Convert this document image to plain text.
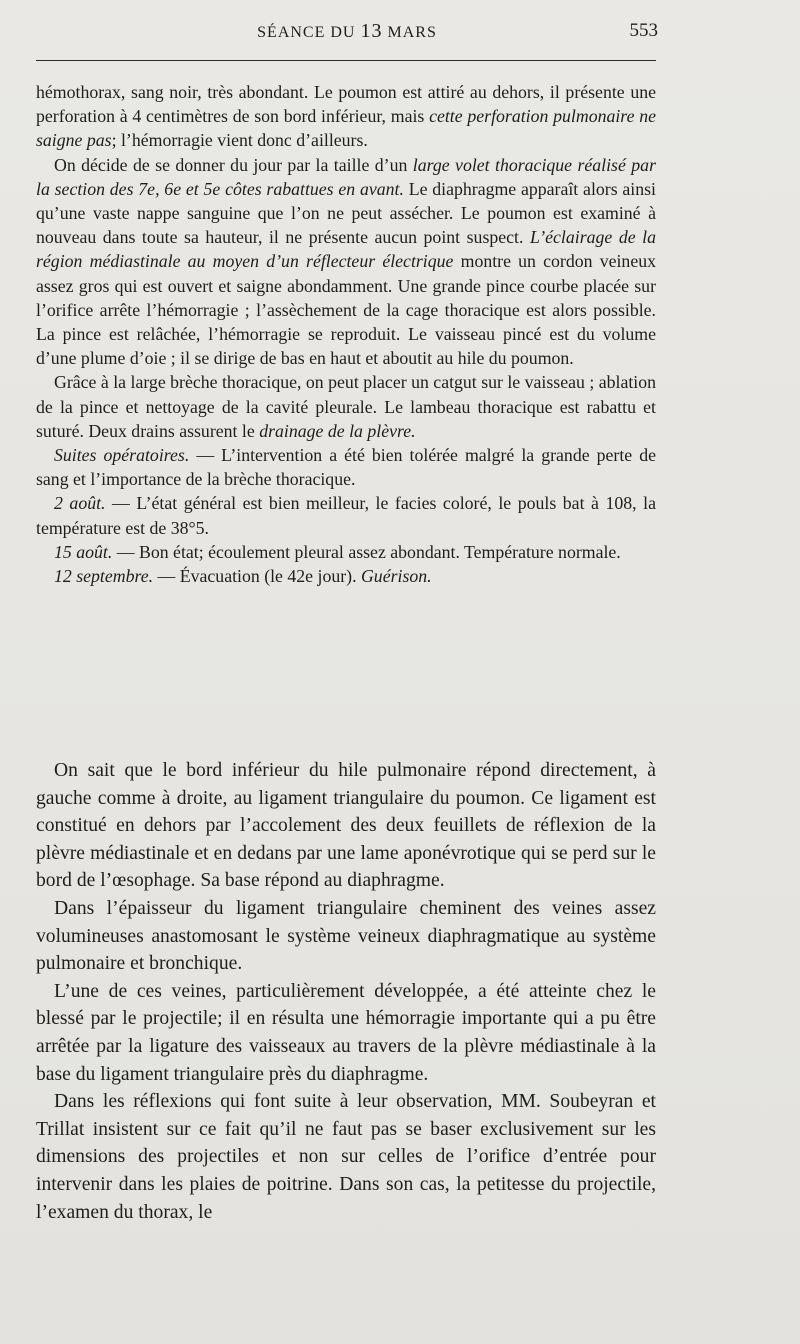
SÉANCE DU 13 MARS	553

hémothorax, sang noir, très abondant. Le poumon est attiré au dehors, il présente une perforation à 4 centimètres de son bord inférieur, mais cette perforation pulmonaire ne saigne pas; l’hémorragie vient donc d’ailleurs.

On décide de se donner du jour par la taille d’un large volet thoracique réalisé par la section des 7e, 6e et 5e côtes rabattues en avant. Le diaphragme apparaît alors ainsi qu’une vaste nappe sanguine que l’on ne peut assécher. Le poumon est examiné à nouveau dans toute sa hauteur, il ne présente aucun point suspect. L’éclairage de la région médiastinale au moyen d’un réflecteur électrique montre un cordon veineux assez gros qui est ouvert et saigne abondamment. Une grande pince courbe placée sur l’orifice arrête l’hémorragie ; l’assèchement de la cage thoracique est alors possible. La pince est relâchée, l’hémorragie se reproduit. Le vaisseau pincé est du volume d’une plume d’oie ; il se dirige de bas en haut et aboutit au hile du poumon.

Grâce à la large brèche thoracique, on peut placer un catgut sur le vaisseau ; ablation de la pince et nettoyage de la cavité pleurale. Le lambeau thoracique est rabattu et suturé. Deux drains assurent le drainage de la plèvre.

Suites opératoires. — L’intervention a été bien tolérée malgré la grande perte de sang et l’importance de la brèche thoracique.

2 août. — L’état général est bien meilleur, le facies coloré, le pouls bat à 108, la température est de 38°5.

15 août. — Bon état; écoulement pleural assez abondant. Température normale.

12 septembre. — Évacuation (le 42e jour). Guérison.

On sait que le bord inférieur du hile pulmonaire répond directement, à gauche comme à droite, au ligament triangulaire du poumon. Ce ligament est constitué en dehors par l’accolement des deux feuillets de réflexion de la plèvre médiastinale et en dedans par une lame aponévrotique qui se perd sur le bord de l’œsophage. Sa base répond au diaphragme.

Dans l’épaisseur du ligament triangulaire cheminent des veines assez volumineuses anastomosant le système veineux diaphragmatique au système pulmonaire et bronchique.

L’une de ces veines, particulièrement développée, a été atteinte chez le blessé par le projectile; il en résulta une hémorragie importante qui a pu être arrêtée par la ligature des vaisseaux au travers de la plèvre médiastinale à la base du ligament triangulaire près du diaphragme.

Dans les réflexions qui font suite à leur observation, MM. Soubeyran et Trillat insistent sur ce fait qu’il ne faut pas se baser exclusivement sur les dimensions des projectiles et non sur celles de l’orifice d’entrée pour intervenir dans les plaies de poitrine. Dans son cas, la petitesse du projectile, l’examen du thorax, le
